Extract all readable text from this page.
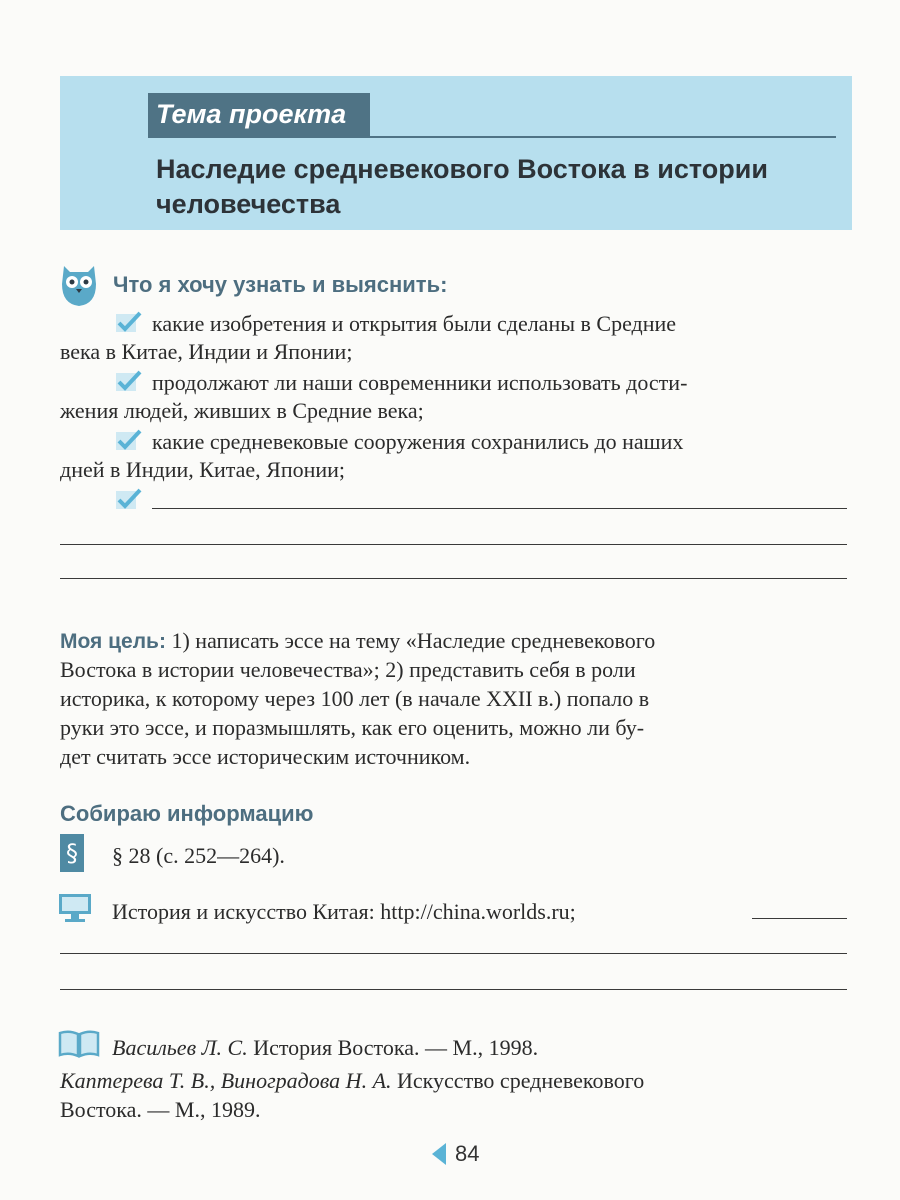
Тема проекта
Наследие средневекового Востока в истории
человечества
Что я хочу узнать и выяснить:
какие изобретения и открытия были сделаны в Средние
века в Китае, Индии и Японии;
продолжают ли наши современники использовать дости-
жения людей, живших в Средние века;
какие средневековые сооружения сохранились до наших
дней в Индии, Китае, Японии;
Моя цель: 1) написать эссе на тему «Наследие средневекового
Востока в истории человечества»; 2) представить себя в роли
историка, к которому через 100 лет (в начале XXII в.) попало в
руки это эссе, и поразмышлять, как его оценить, можно ли бу-
дет считать эссе историческим источником.
Собираю информацию
§ § 28 (с. 252—264).
История и искусство Китая: http://china.worlds.ru;
Васильев Л. С. История Востока. — М., 1998.
Каптерева Т. В., Виноградова Н. А. Искусство средневекового
Востока. — М., 1989.
84
